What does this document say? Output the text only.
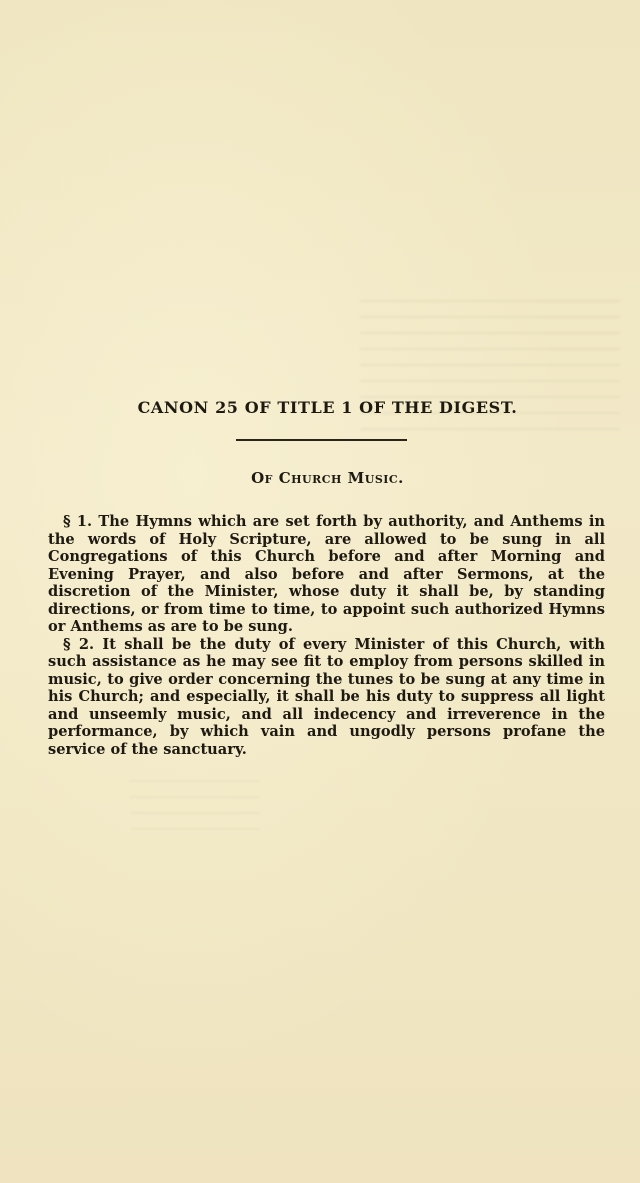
CANON 25 OF TITLE 1 OF THE DIGEST.
Of Church Music.

§ 1. The Hymns which are set forth by authority, and Anthems in the words of Holy Scripture, are allowed to be sung in all Congregations of this Church before and after Morning and Evening Prayer, and also before and after Sermons, at the discretion of the Minister, whose duty it shall be, by standing directions, or from time to time, to appoint such authorized Hymns or Anthems as are to be sung.

§ 2. It shall be the duty of every Minister of this Church, with such assistance as he may see fit to employ from persons skilled in music, to give order concerning the tunes to be sung at any time in his Church; and especially, it shall be his duty to suppress all light and unseemly music, and all indecency and irreverence in the performance, by which vain and ungodly persons profane the service of the sanctuary.
